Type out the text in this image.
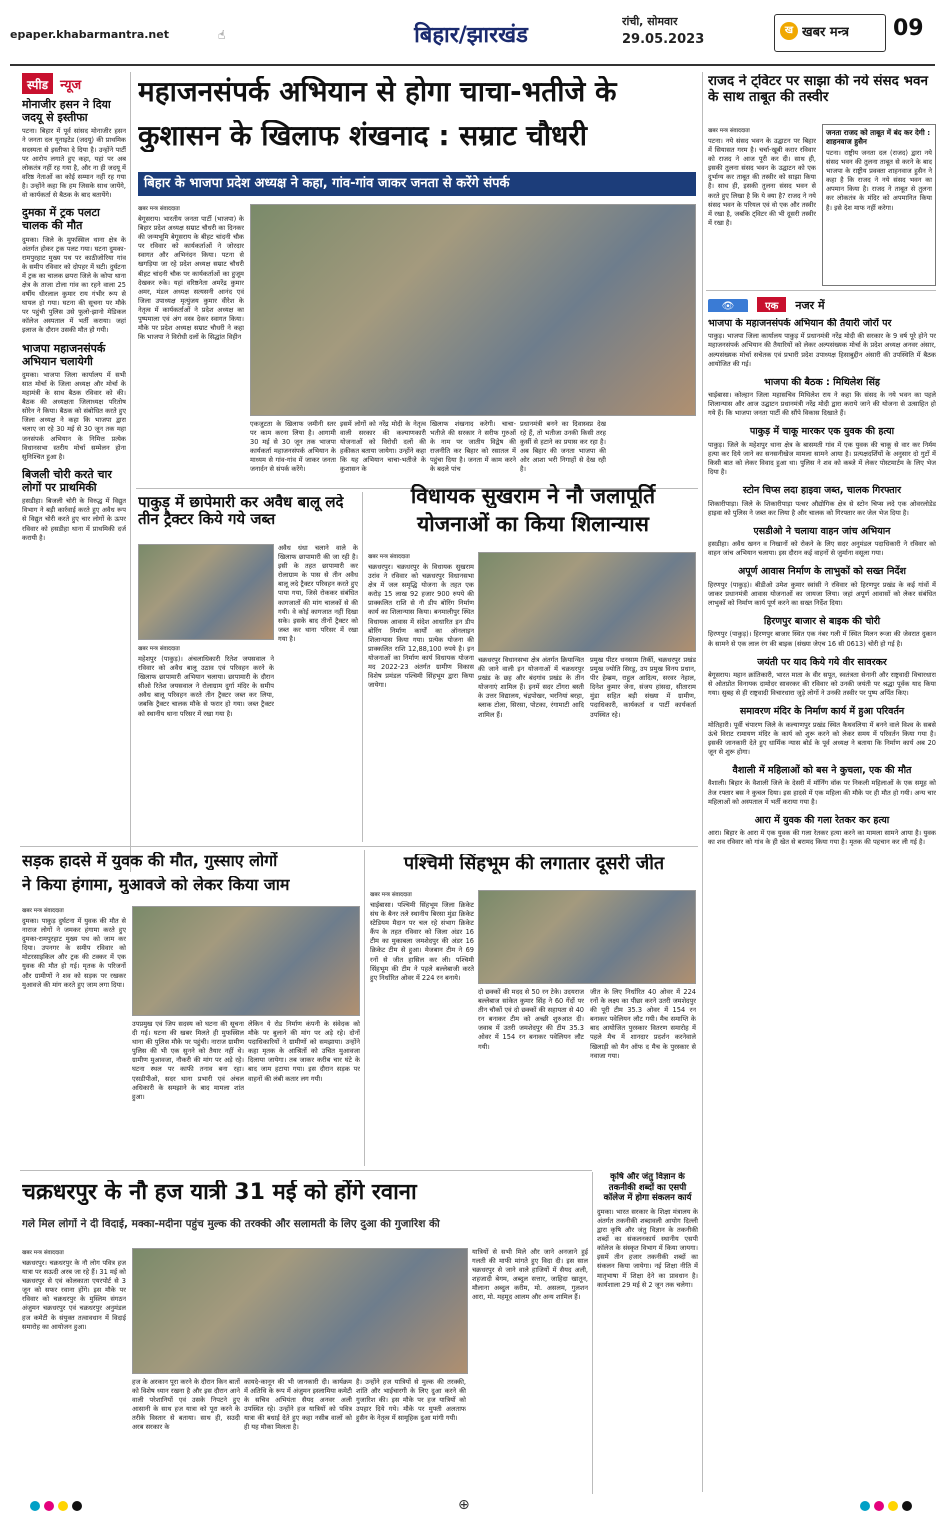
epaper.khabarmantra.net	☝	बिहार/झारखंड
रांची, सोमवार
29.05.2023
ख खबर मन्त्र 09
स्पीड न्यूज
मोनाजीर हसन ने दिया जदयू से इस्तीफा
पटना। बिहार में पूर्व सांसद मोनाजीर हसन ने जनता दल यूनाइटेड (जदयू) की प्राथमिक सदस्यता से इस्तीफा दे दिया है। उन्होंने पार्टी पर आरोप लगाते हुए कहा, यहां पर अब लोकतंत्र नहीं रह गया है, और ना ही जदयू में वरिष्ठ नेताओं का कोई सम्मान नहीं रह गया है। उन्होंने कहा कि हम जिसके साथ जायेंगे, वो कार्यकर्ता से बैठक के बाद बतायेंगे।
दुमका में ट्रक पलटा चालक की मौत
दुमका। जिले के मुफस्सिल थाना क्षेत्र के अंतर्गत होकर ट्रक पलट गया। घटना दुमका-रामपुरहाट मुख्य पथ पर काठीजोरिया गांव के समीप रविवार को दोपहर में घटी। दुर्घटना में ट्रक का चालक छपरा जिले के कोपा थाना क्षेत्र के ताजा टोला गांव का रहने वाला 25 वर्षीय धीरलाल कुमार राय गंभीर रूप से घायल हो गया। घटना की सूचना पर मौके पर पहुंची पुलिस उसे फूलो-झानो मेडिकल कॉलेज अस्पताल में भर्ती कराया। जहां इलाज के दौरान उसकी मौत हो गयी।
भाजपा महाजनसंपर्क अभियान चलायेगी
दुमका। भाजपा जिला कार्यालय में सभी सात मोर्चा के जिला अध्यक्ष और मोर्चा के महामंत्री के साथ बैठक रविवार को की। बैठक की अध्यक्षता जिलाध्यक्ष परितोष सोरेन ने किया। बैठक को संबोधित करते हुए जिला अध्यक्ष ने कहा कि भाजपा द्वारा चलाए जा रहे 30 मई से 30 जून तक महा जनसंपर्क अभियान के निमित्त प्रत्येक विधानसभा स्तरीय मोर्चा सम्मेलन होना सुनिश्चित हुआ है।
बिजली चोरी करते चार लोगों पर प्राथमिकी
हसडीहा। बिजली चोरी के विरुद्ध में विद्युत विभाग ने बड़ी कार्रवाई करते हुए अवैध रूप से विद्युत चोरी करते हुए चार लोगों के ऊपर रविवार को हसडीहा थाना में प्राथमिकी दर्ज करायी है।
महाजनसंपर्क अभियान से होगा चाचा-भतीजे के
कुशासन के खिलाफ शंखनाद : सम्राट चौधरी
बिहार के भाजपा प्रदेश अध्यक्ष ने कहा, गांव-गांव जाकर जनता से करेंगे संपर्क
खबर मन्त्र संवाददाता
बेगूसराय। भारतीय जनता पार्टी (भाजपा) के बिहार प्रदेश अध्यक्ष सम्राट चौधरी का दिनकर की जन्मभूमि बेगूसराय के बीहट चांदनी चौक पर रविवार को कार्यकर्ताओं ने जोरदार स्वागत और अभिनंदन किया। पटना से खगड़िया जा रहे प्रदेश अध्यक्ष सम्राट चौधरी बीहट चांदनी चौक पर कार्यकर्ताओं का हुजूम देखकर रुके। यहां वरिष्ठनेता अमरेंद्र कुमार अमर, मंडल अध्यक्ष सत्यसनी आनंद एवं जिला उपाध्यक्ष मृत्युंजय कुमार वीरेश के नेतृत्व में कार्यकर्ताओं ने प्रदेश अध्यक्ष का पुष्पमाला एवं अंग वस्त्र देकर स्वागत किया। मौके पर प्रदेश अध्यक्ष सम्राट चौधरी ने कहा कि भाजपा ने विरोधी दलों के सिद्धांत विहीन
एकजुटता के खिलाफ जमीनी स्तर पर काम करना लिया है। आगामी 30 मई से 30 जून तक भाजपा कार्यकर्ता महाजनसंपर्क अभियान के माध्यम से गांव-गांव में जाकर जनता जनार्दन से संपर्क करेंगे।
इसमें लोगों को नरेंद्र मोदी के नेतृत्व वाली सरकार की कल्याणकारी योजनाओं को विरोधी दलों की हकीकत बताया जायेगा। उन्होंने कहा कि यह अभियान चाचा-भतीजे के कुशासन के
खिलाफ शंखनाद करेगी। चाचा-भतीजे की सरकार ने सरीफ गुरुओं के नाम पर जातीय विद्वेष की राजनीति कर बिहार को रसातल में पहुंचा दिया है। जनता में काम करने के बदले पांच
प्रधानमंत्री बनने का दिवास्वप्न देख रहे हैं, तो भतीजा उनकी किसी तरह कुर्सी से हटाने का प्रयास कर रहा है। अब बिहार की जनता भाजपा की ओर आशा भरी निगाहों से देख रही है।
राजद ने ट्विटर पर साझा की नये संसद भवन के साथ ताबूत की तस्वीर
खबर मन्त्र संवाददाता
पटना। नये संसद भवन के उद्घाटन पर बिहार में सियासत गरम है। चर्चा-खूबी करार रविवार को राजद ने आज पूरी कर दी। साथ ही, इसकी तुलना संसद भवन के उद्घाटन को एक दुर्भाग्य कर ताबूत की तस्वीर को साझा किया है। साथ ही, इसकी तुलना संसद भवन से करते हुए लिखा है कि ये क्या है? राजद ने नये संसद भवन के परियल एवं वो एक और तस्वीर में रखा है, जबकि ट्विटर की भी दूसरी तस्वीर में रखा है।
जनता राजद को ताबूत में बंद कर देगी : शाहनवाज हुसैन
पटना। राष्ट्रीय जनता दल (राजद) द्वारा नये संसद भवन की तुलना ताबूत से करने के बाद भाजपा के राष्ट्रीय प्रवक्ता शाहनवाज हुसैन ने कहा है कि राजद ने नये संसद भवन का अपमान किया है। राजद ने ताबूत से तुलना कर लोकतंत्र के मंदिर को अपमानित किया है। इसे देश माफ नहीं करेगा।
👁	एक नजर में
भाजपा के महाजनसंपर्क अभियान की तैयारी जोरों पर
पाकुड़। भाजपा जिला कार्यालय पाकुड़ में प्रधानमंत्री नरेंद्र मोदी की सरकार के 9 वर्ष पूरे होने पर महाजनसंपर्क अभियान की तैयारियों को लेकर अल्पसंख्यक मोर्चा के प्रदेश अध्यक्ष अनवर अंसार, अल्पसंख्यक मोर्चा सचेतक एवं प्रभारी प्रदेश उपाध्यक्ष हिसाबुद्दीन अंसारी की उपस्थिति में बैठक आयोजित की गई।
भाजपा की बैठक : मिथिलेश सिंह
चाईबासा। कोल्हान जिला महासचिव मिथिलेश राय ने कहा कि संसद के नये भवन का पहले शिलान्यास और आज उद्घाटन प्रधानमंत्री नरेंद्र मोदी द्वारा कराये जाने की योजना से उत्साहित हो गये हैं। कि भाजपा जनता पार्टी की सौंपे विकास दिखाते हैं।
पाकुड़ में चाकू मारकर एक युवक की हत्या
पाकुड़। जिले के महेशपुर थाना क्षेत्र के बासमती गांव में एक युवक की चाकू से वार कर निर्मम हत्या कर दिये जाने का सनसनीखेज मामला सामने आया है। प्रत्यक्षदर्शियों के अनुसार दो गुटों में किसी बात को लेकर विवाद हुआ था। पुलिस ने शव को कब्जे में लेकर पोस्टमार्टम के लिए भेज दिया है।
स्टोन चिप्स लदा हाइवा जब्त, चालक गिरफ्तार
शिकारीपाड़ा। जिले के शिकारीपाड़ा पत्थर औद्योगिक क्षेत्र से स्टोन चिप्स लदे एक ओवरलोडेड हाइवा को पुलिस ने जब्त कर लिया है और चालक को गिरफ्तार कर जेल भेज दिया है।
एसडीओ ने चलाया वाहन जांच अभियान
हसडीहा। अवैध खनन व निखानों को रोकने के लिए सदर अनुमंडल पदाधिकारी ने रविवार को वाहन जांच अभियान चलाया। इस दौरान कई वाहनों से जुर्माना वसूला गया।
अपूर्ण आवास निर्माण के लाभुकों को सख्त निर्देश
हिरणपुर (पाकुड़)। बीडीओ उमेश कुमार स्वांसी ने रविवार को हिरणपुर प्रखंड के कई गांवों में जाकर प्रधानमंत्री आवास योजनाओं का जायजा लिया। जहां अपूर्ण आवासों को लेकर संबंधित लाभुकों को निर्माण कार्य पूर्ण करने का सख्त निर्देश दिया।
हिरणपुर बाजार से बाइक की चोरी
हिरणपुर (पाकुड़)। हिरणपुर बाजार स्थित एक नंबर गली में स्थित मिलन रूजा की जेवरात दुकान के सामने से एक लाल रंग की बाइक (संख्या जेएच 16 सी 0613) चोरी हो गई है।
जयंती पर याद किये गये वीर सावरकर
बेगूसराय। महान क्रांतिकारी, भारत माता के वीर सपूत, स्वतंत्रता सेनानी और राष्ट्रवादी विचारधारा से ओतप्रोत विनायक दामोदर सावरकर की रविवार को उनकी जयंती पर श्रद्धा पूर्वक याद किया गया। सुबह से ही राष्ट्रवादी विचारधारा जुड़े लोगों ने उनकी तस्वीर पर पुष्प अर्पित किए।
समावरण मंदिर के निर्माण कार्य में हुआ परिवर्तन
मोतिहारी। पूर्वी चंपारण जिले के कल्याणपुर प्रखंड स्थित कैथवलिया में बनने वाले विश्व के सबसे ऊंचे विराट रामायण मंदिर के कार्य को शुरू करने को लेकर समय में परिवर्तन किया गया है। इसकी जानकारी देते हुए धार्मिक न्यास बोर्ड के पूर्व अध्यक्ष ने बताया कि निर्माण कार्य अब 20 जून से शुरू होगा।
वैशाली में महिलाओं को बस ने कुचला, एक की मौत
वैशाली। बिहार के वैशाली जिले के देसरी में मॉर्निंग वॉक पर निकली महिलाओं के एक समूह को तेज रफ्तार बस ने कुचल दिया। इस हादसे में एक महिला की मौके पर ही मौत हो गयी। अन्य चार महिलाओं को अस्पताल में भर्ती कराया गया है।
आरा में युवक की गला रेतकर कर हत्या
आरा। बिहार के आरा में एक युवक की गला रेतकर हत्या करने का मामला सामने आया है। युवक का शव रविवार को गांव के ही खेत से बरामद किया गया है। मृतक की पहचान कर ली गई है।
पाकुड़ में छापेमारी कर अवैध बालू लदे तीन ट्रैक्टर किये गये जब्त
खबर मन्त्र संवाददाता
महेशपुर (पाकुड़)। अंचलाधिकारी रितेश जयसवाल ने रविवार को अवैध बालू उठाव एवं परिवहन करने के खिलाफ छापामारी अभियान चलाया। छापामारी के दौरान सीओ रितेश जयसवाल ने रोलाग्राम दुर्गा मंदिर के समीप अवैध बालू परिवहन करते तीन ट्रैक्टर जब्त कर लिया, जबकि ट्रैक्टर चालक मौके से फरार हो गया। जब्त ट्रैक्टर को स्थानीय थाना परिसर में रखा गया है।
अवैध धंधा चलाने वाले के खिलाफ छापामारी की जा रही है। इसी के तहत छापामारी कर रोलाग्राम के पास से तीन अवैध बालू लदे ट्रैक्टर परिवहन करते हुए पाया गया, जिसे रोककर संबंधित कागजातों की मांग चालकों से की गयी। वे कोई कागजात नहीं दिखा सके। इसके बाद तीनों ट्रैक्टर को जब्त कर थाना परिसर में रखा गया है।
विधायक सुखराम ने नौ जलापूर्ति
योजनाओं का किया शिलान्यास
खबर मन्त्र संवाददाता
चक्रधरपुर। चक्रधरपुर के विधायक सुखराम उरांव ने रविवार को चक्रधरपुर विधानसभा क्षेत्र में जल समृद्धि योजना के तहत एक करोड़ 15 लाख 92 हजार 900 रुपये की प्राक्कलित राशि से नौ डीप बोरिंग निर्माण कार्य का शिलान्यास किया। बनमालीपुर स्थित विधायक आवास में संदेश आधारित इन डीप बोरिंग निर्माण कार्यों का ऑनलाइन शिलान्यास किया गया। प्रत्येक योजना की प्राक्कलित राशि 12,88,100 रुपये है। इन योजनाओं का निर्माण कार्य विधायक योजना मद 2022-23 अंतर्गत ग्रामीण विकास विशेष प्रमंडल पश्चिमी सिंहभूम द्वारा किया जायेगा।
चक्रधरपुर विधानसभा क्षेत्र अंतर्गत क्रियान्वित की जाने वाली इन योजनाओं में चक्रधरपुर प्रखंड के छह और बंदगांव प्रखंड के तीन योजनाएं शामिल हैं। इनमें सदर टोंगरा बस्ती के उत्तर विद्यालय, चंद्रपोखर, भरनियां बरहा, ब्लाक टोला, सिरसा, पोटका, रंगामाटी आदि शामिल हैं।
प्रमुख पीटर धनसाम तिर्की, चक्रधरपुर प्रखंड प्रमुख ज्योति सिरडू, उप प्रमुख विनय प्रधान, पीर हेम्ब्रम, राहुल आदित्य, सरवर नेहाल, दिनेश कुमार जेना, संजय हांसदा, सीताराम मुंडा सहित बड़ी संख्या में ग्रामीण, पदाधिकारी, कार्यकर्ता व पार्टी कार्यकर्ता उपस्थित रहे।
सड़क हादसे में युवक की मौत, गुस्साए लोगों
ने किया हंगामा, मुआवजे को लेकर किया जाम
खबर मन्त्र संवाददाता
दुमका। पाकुड़ दुर्घटना में युवक की मौत से नाराज लोगों ने जमकर हंगामा करते हुए दुमका-रामपुरहाट मुख्य पथ को जाम कर दिया। उपनगर के समीप रविवार को मोटरसाइकिल और ट्रक की टक्कर में एक युवक की मौत हो गई। मृतक के परिजनों और ग्रामीणों ने शव को सड़क पर रखकर मुआवजे की मांग करते हुए जाम लगा दिया।
उपप्रमुख एवं जिप सदस्य को घटना की सूचना दी गई। घटना की खबर मिलते ही मुफस्सिल थाना की पुलिस मौके पर पहुंची। नाराज ग्रामीण पुलिस की भी एक सुनने को तैयार नहीं थे। ग्रामीण मुआवजा, नौकरी की मांग पर अड़े रहे। घटना स्थल पर काफी तनाव बना रहा। एसडीपीओ, सदर थाना प्रभारी एवं अंचल अधिकारी के समझाने के बाद मामला शांत हुआ।
लेकिन ये रोड निर्माण कंपनी के संवेदक को मौके पर बुलाने की मांग पर अड़े रहे। दोनों पदाधिकारियों ने ग्रामीणों को समझाया। उन्होंने कहा मृतक के आश्रितों को उचित मुआवजा दिलाया जायेगा। तब जाकर करीब चार घंटे के बाद जाम हटाया गया। इस दौरान सड़क पर वाहनों की लंबी कतार लग गयी।
पश्चिमी सिंहभूम की लगातार दूसरी जीत
खबर मन्त्र संवाददाता
चाईबासा। पश्चिमी सिंहभूम जिला क्रिकेट संघ के बैनर तले स्थानीय बिरसा मुंडा क्रिकेट स्टेडियम मैदान पर चल रहे संभाग क्रिकेट कैंप के तहत रविवार को जिला अंडर 16 टीम का मुकाबला जमशेदपुर की अंडर 16 क्रिकेट टीम से हुआ। मेजबान टीम ने 69 रनों से जीत हासिल कर ली। पश्चिमी सिंहभूम की टीम ने पहले बल्लेबाजी करते हुए निर्धारित ओवर में 224 रन बनाये।
दो छक्कों की मदद से 50 रन टेके। उदयराज बल्लेबाज सांकेत कुमार सिंह ने 60 गेंदों पर तीन चौकों एवं दो छक्कों की सहायता से 40 रन बनाकर टीम को अच्छी शुरुआत दी। जवाब में उतरी जमशेदपुर की टीम 35.3 ओवर में 154 रन बनाकर पवेलियन लौट गयी।
जीत के लिए निर्धारित 40 ओवर में 224 रनों के लक्ष्य का पीछा करने उतरी जमशेदपुर की पूरी टीम 35.3 ओवर में 154 रन बनाकर पवेलियन लौट गयी। मैच समाप्ति के बाद आयोजित पुरस्कार वितरण समारोह में पहले मैच में शानदार प्रदर्शन करनेवाले खिलाड़ी को मैन ऑफ द मैच के पुरस्कार से नवाजा गया।
कृषि और जंतु विज्ञान के तकनीकी शब्दों का एसपी कॉलेज में होगा संकलन कार्य
दुमका। भारत सरकार के शिक्षा मंत्रालय के अंतर्गत तकनीकी शब्दावली आयोग दिल्ली द्वारा कृषि और जंतु विज्ञान के तकनीकी शब्दों का संकलनकार्य स्थानीय एसपी कॉलेज के संस्कृत विभाग में किया जायगा। इसमें तीन हजार तकनीकी शब्दों का संकलन किया जायेगा। नई शिक्षा नीति में मातृभाषा में शिक्षा देने का प्रावधान है। कार्यशाला 29 मई से 2 जून तक चलेगा।
चक्रधरपुर के नौ हज यात्री 31 मई को होंगे रवाना
गले मिल लोगों ने दी विदाई, मक्का-मदीना पहुंच मुल्क की तरक्की और सलामती के लिए दुआ की गुजारिश की
खबर मन्त्र संवाददाता
चक्रधरपुर। चक्रधरपुर के नौ लोग पवित्र हज यात्रा पर सऊदी अरब जा रहे हैं। 31 मई को चक्रधरपुर से एवं कोलकाता एयरपोर्ट से 3 जून को सफर रवाना होंगे। इस मौके पर रविवार को चक्रधरपुर के मुस्लिम संगठन अंजुमन चक्रधरपुर एवं चक्रधरपुर अनुमंडल हज कमेटी के संयुक्त तत्वावधान में विदाई समारोह का आयोजन हुआ।
हज के अरकान पूरा करने के दौरान किन बातों को विशेष ध्यान रखना है और इस दौरान आने वाली परेशानियों एवं उसके निपटने हुए आसानी के साथ हज यात्रा को पूरा करने के तरीके विस्तार से बताया। साथ ही, सउदी अरब सरकार के
कायदे-कानून की भी जानकारी दी। कार्यक्रम में अतिथि के रूप में अंजुमन इस्लामिया कमेटी के सचिव अभियंता सैयद अनवर अली उपस्थित रहे। उन्होंने हज यात्रियों को पवित्र यात्रा की बधाई देते हुए कहा नसीब वालों को ही यह मौका मिलता है।
है। उन्होंने हज यात्रियों से मुल्क की तरक्की, शांति और भाईचारगी के लिए दुआ करने की गुजारिश की। इस मौके पर हज यात्रियों को उपहार दिये गये। मौके पर मुफ्ती अलताफ हुसैन के नेतृत्व में सामूहिक दुआ मांगी गयी।
यात्रियों से सभी मिले और जाने अनजाने हुई गलती की माफी मांगते हुए विदा दी। इस साल चक्रधरपुर से जाने वाले हाजियों में सैयद अली, शहजादी बेगम, अब्दुल सत्तार, जाहिदा खातून, मौलाना अब्दुल करीम, मो. असलम, गुलशन आरा, मो. महमूद आलम और अन्य शामिल हैं।
⊕
